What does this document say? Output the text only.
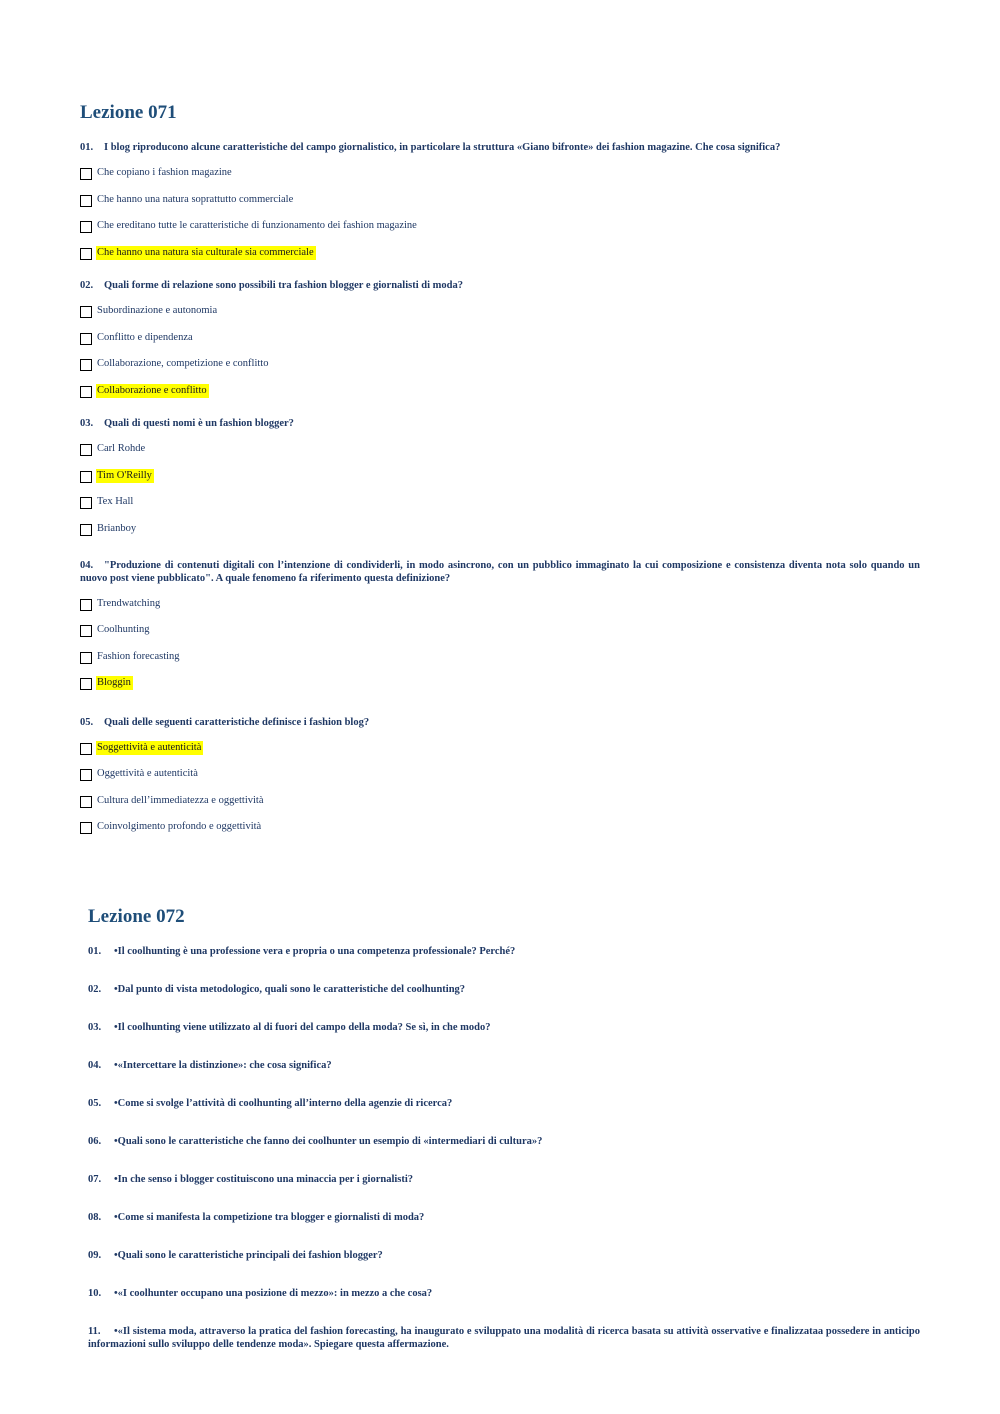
Lezione 071
01. I blog riproducono alcune caratteristiche del campo giornalistico, in particolare la struttura «Giano bifronte» dei fashion magazine. Che cosa significa?
Che copiano i fashion magazine
Che hanno una natura soprattutto commerciale
Che ereditano tutte le caratteristiche di funzionamento dei fashion magazine
Che hanno una natura sia culturale sia commerciale
02. Quali forme di relazione sono possibili tra fashion blogger e giornalisti di moda?
Subordinazione e autonomia
Conflitto e dipendenza
Collaborazione, competizione e conflitto
Collaborazione e conflitto
03. Quali di questi nomi è un fashion blogger?
Carl Rohde
Tim O'Reilly
Tex Hall
Brianboy
04. "Produzione di contenuti digitali con l’intenzione di condividerli, in modo asincrono, con un pubblico immaginato la cui composizione e consistenza diventa nota solo quando un nuovo post viene pubblicato". A quale fenomeno fa riferimento questa definizione?
Trendwatching
Coolhunting
Fashion forecasting
Bloggin
05. Quali delle seguenti caratteristiche definisce i fashion blog?
Soggettività e autenticità
Oggettività e autenticità
Cultura dell’immediatezza e oggettività
Coinvolgimento profondo e oggettività
Lezione 072
01. •Il coolhunting è una professione vera e propria o una competenza professionale? Perché?
02. •Dal punto di vista metodologico, quali sono le caratteristiche del coolhunting?
03. •Il coolhunting viene utilizzato al di fuori del campo della moda? Se sì, in che modo?
04. •«Intercettare la distinzione»: che cosa significa?
05. •Come si svolge l’attività di coolhunting all’interno della agenzie di ricerca?
06. •Quali sono le caratteristiche che fanno dei coolhunter un esempio di «intermediari di cultura»?
07. •In che senso i blogger costituiscono una minaccia per i giornalisti?
08. •Come si manifesta la competizione tra blogger e giornalisti di moda?
09. •Quali sono le caratteristiche principali dei fashion blogger?
10. •«I coolhunter occupano una posizione di mezzo»: in mezzo a che cosa?
11. •«Il sistema moda, attraverso la pratica del fashion forecasting, ha inaugurato e sviluppato una modalità di ricerca basata su attività osservative e finalizzataa possedere in anticipo informazioni sullo sviluppo delle tendenze moda». Spiegare questa affermazione.
